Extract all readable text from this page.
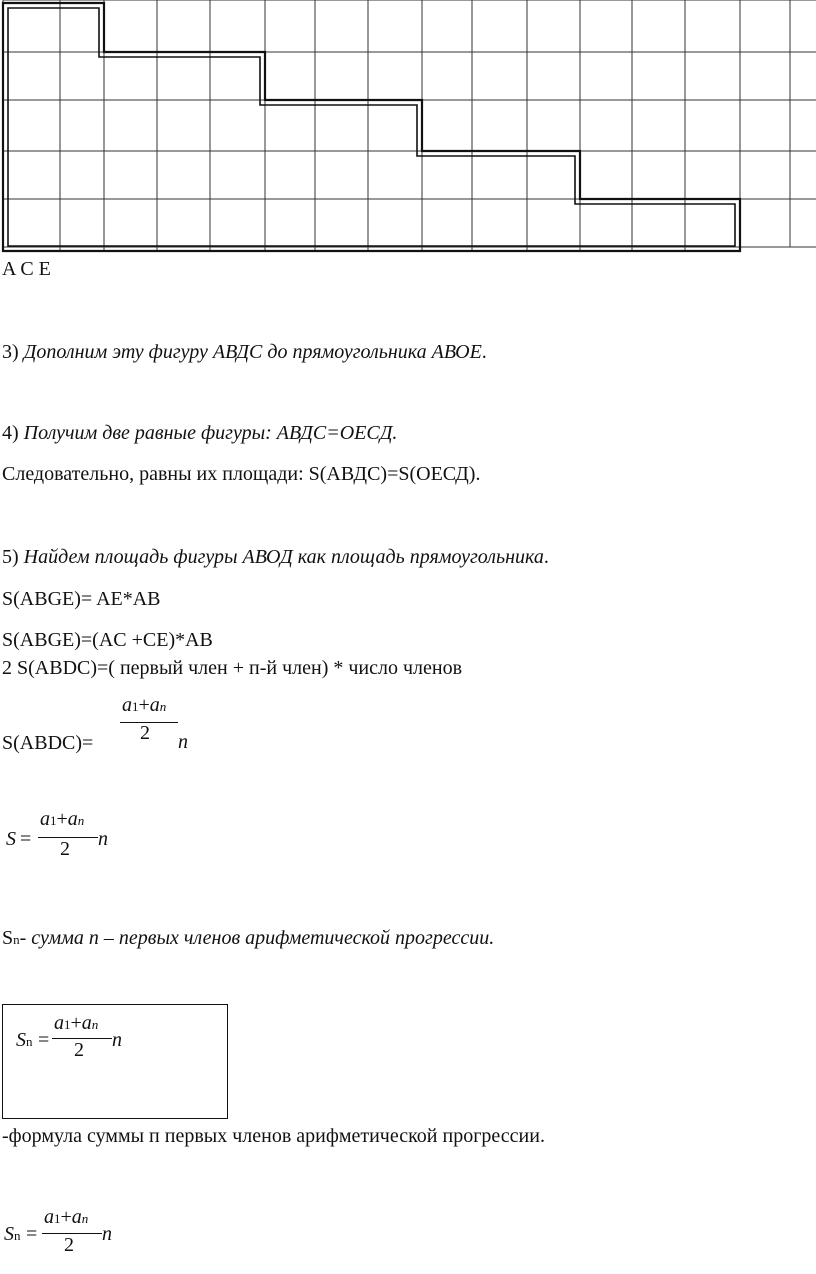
A C E
3) Дополним эту фигуру АВДС до прямоугольника АВОЕ.
4) Получим две равные фигуры: АВДС=ОЕСД.
Следовательно, равны их площади: S(АВДС)=S(ОЕСД).
5) Найдем площадь фигуры АВОД как площадь прямоугольника.
S(ABGE)= AE*AB
S(ABGE)=(AC +CE)*AB
2 S(ABDC)=( первый член + п-й член) * число членов
S(ABDC)=
a1+an
2 n
S =
a1+an
2 n
Sn- сумма n – первых членов арифметической прогрессии.
Sn =
a1+an
2 n
-формула суммы п первых членов арифметической прогрессии.
Sn =
a1+an
2 n
